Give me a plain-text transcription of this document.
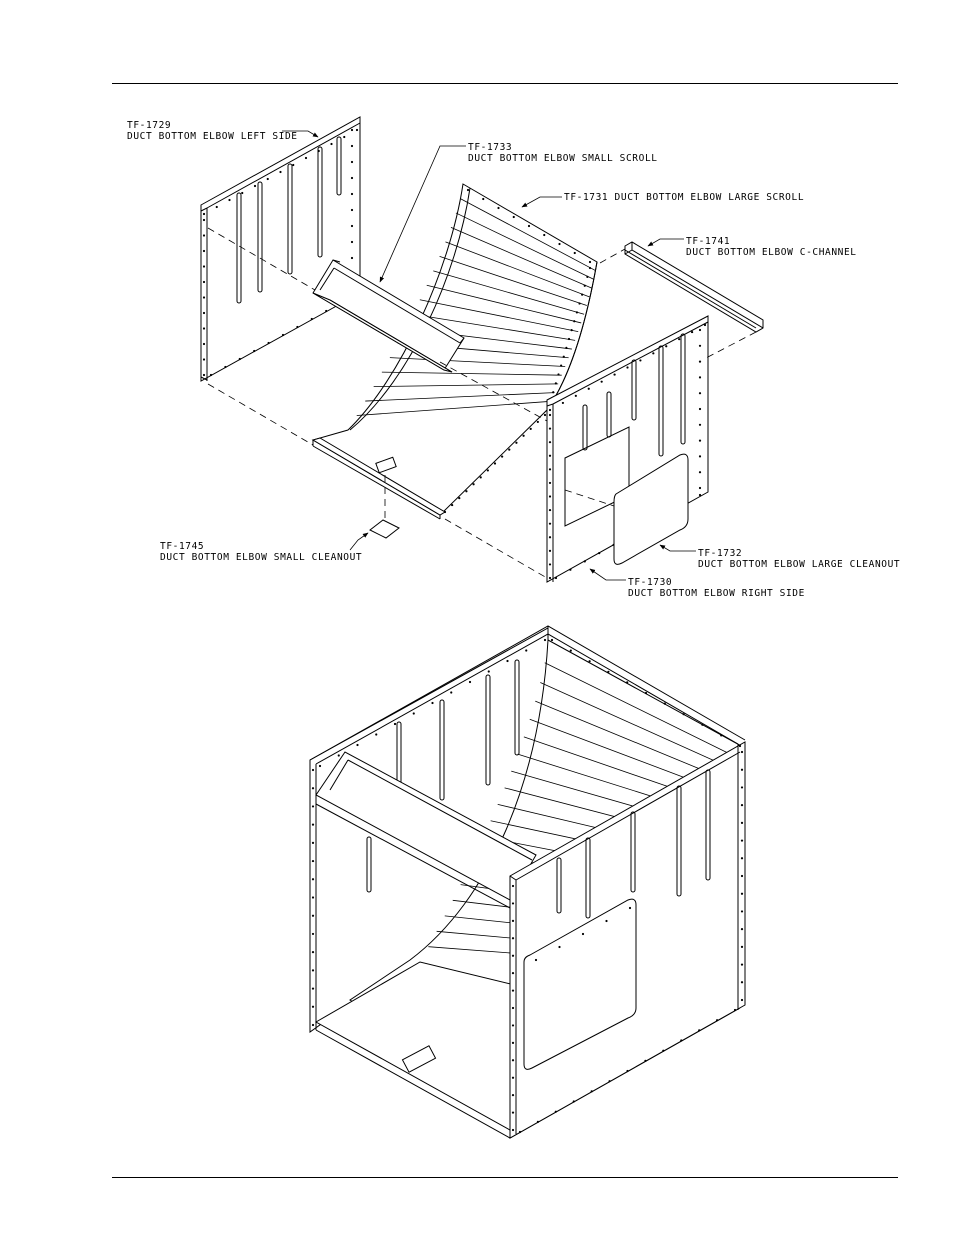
TF-1729
DUCT BOTTOM ELBOW LEFT SIDE
TF-1733
DUCT BOTTOM ELBOW SMALL SCROLL
TF-1731 DUCT BOTTOM ELBOW LARGE SCROLL
TF-1741
DUCT BOTTOM ELBOW C-CHANNEL
TF-1745
DUCT BOTTOM ELBOW SMALL CLEANOUT	TF-1732
DUCT BOTTOM ELBOW LARGE CLEANOUT
TF-1730
DUCT BOTTOM ELBOW RIGHT SIDE
